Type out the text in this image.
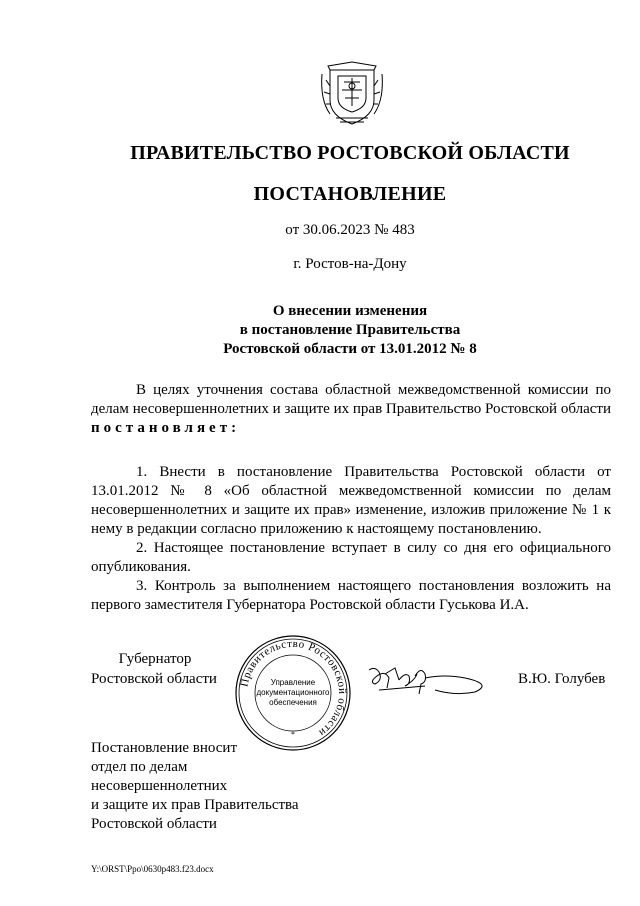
ПРАВИТЕЛЬСТВО РОСТОВСКОЙ ОБЛАСТИ
ПОСТАНОВЛЕНИЕ
от 30.06.2023 № 483
г. Ростов-на-Дону
О внесении изменения
в постановление Правительства
Ростовской области от 13.01.2012 № 8

В целях уточнения состава областной межведомственной комиссии по делам несовершеннолетних и защите их прав Правительство Ростовской области постановляет:

1. Внести в постановление Правительства Ростовской области от 13.01.2012 № 8 «Об областной межведомственной комиссии по делам несовершеннолетних и защите их прав» изменение, изложив приложение № 1 к нему в редакции согласно приложению к настоящему постановлению.

2. Настоящее постановление вступает в силу со дня его официального опубликования.

3. Контроль за выполнением настоящего постановления возложить на первого заместителя Губернатора Ростовской области Гуськова И.А.

Губернатор
Ростовской области Правительство Ростовской области
Управление
документационного
обеспечения
*
В.Ю. Голубев
Постановление вносит
отдел по делам
несовершеннолетних
и защите их прав Правительства
Ростовской области
Y:\ORST\Ppo\0630p483.f23.docx
